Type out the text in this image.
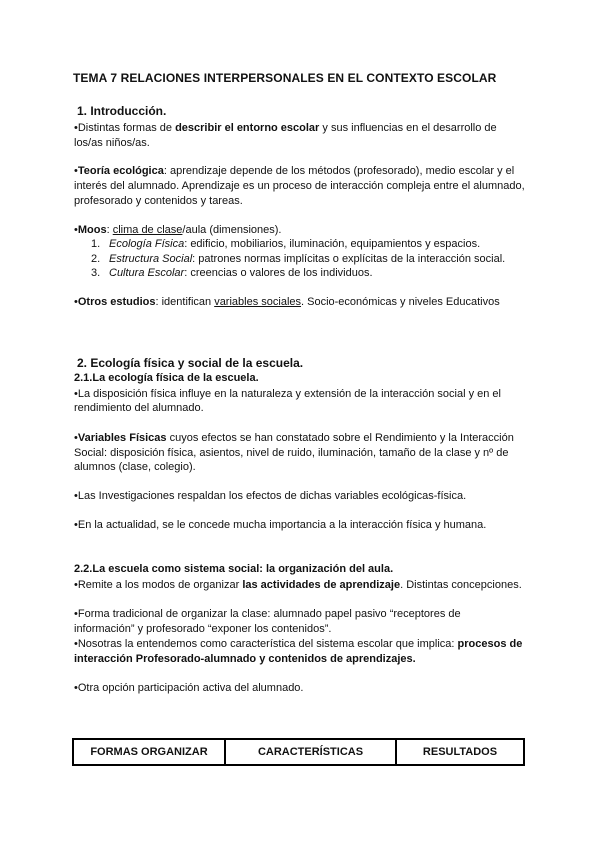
TEMA 7 RELACIONES INTERPERSONALES EN EL CONTEXTO ESCOLAR
1. Introducción.
•Distintas formas de describir el entorno escolar y sus influencias en el desarrollo de
los/as niños/as.
•Teoría ecológica: aprendizaje depende de los métodos (profesorado), medio escolar y el
interés del alumnado. Aprendizaje es un proceso de interacción compleja entre el alumnado,
profesorado y contenidos y tareas.
•Moos: clima de clase/aula (dimensiones).
1. Ecología Física: edificio, mobiliarios, iluminación, equipamientos y espacios.
2. Estructura Social: patrones normas implícitas o explícitas de la interacción social.
3. Cultura Escolar: creencias o valores de los individuos.
•Otros estudios: identifican variables sociales. Socio-económicas y niveles Educativos
2. Ecología física y social de la escuela.
2.1.La ecología física de la escuela.
•La disposición física influye en la naturaleza y extensión de la interacción social y en el
rendimiento del alumnado.
•Variables Físicas cuyos efectos se han constatado sobre el Rendimiento y la Interacción
Social: disposición física, asientos, nivel de ruido, iluminación, tamaño de la clase y nº de
alumnos (clase, colegio).
•Las Investigaciones respaldan los efectos de dichas variables ecológicas-física.
•En la actualidad, se le concede mucha importancia a la interacción física y humana.
2.2.La escuela como sistema social: la organización del aula.
•Remite a los modos de organizar las actividades de aprendizaje. Distintas concepciones.
•Forma tradicional de organizar la clase: alumnado papel pasivo “receptores de
información” y profesorado “exponer los contenidos”.
•Nosotras la entendemos como característica del sistema escolar que implica: procesos de
interacción Profesorado-alumnado y contenidos de aprendizajes.
•Otra opción participación activa del alumnado.
FORMAS ORGANIZAR	CARACTERÍSTICAS	RESULTADOS
